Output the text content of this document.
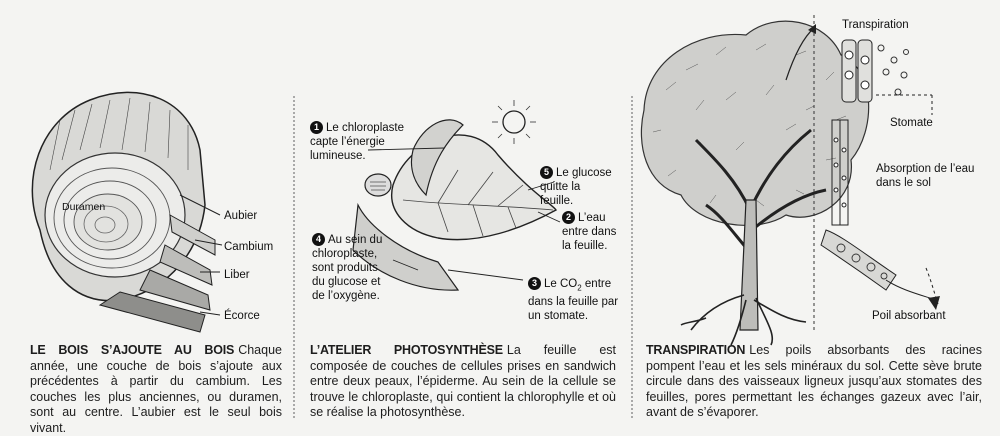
Duramen
Aubier
Cambium
Liber
Écorce
LE BOIS S’AJOUTE AU BOIS Chaque année, une couche de bois s’ajoute aux précédentes à partir du cambium. Les couches les plus anciennes, ou duramen, sont au centre. L’aubier est le seul bois vivant.
1 Le chloroplaste capte l’énergie lumineuse.
5 Le glucose quitte la feuille.
2 L’eau entre dans la feuille.
4 Au sein du chloroplaste, sont produits du glucose et de l’oxygène.
3 Le $CO_2$ entre dans la feuille par un stomate.
L’ATELIER PHOTOSYNTHÈSE La feuille est composée de couches de cellules prises en sandwich entre deux peaux, l’épiderme. Au sein de la cellule se trouve le chloroplaste, qui contient la chlorophylle et où se réalise la photosynthèse.
Transpiration
Stomate
Absorption de l’eau dans le sol
Poil absorbant
TRANSPIRATION Les poils absorbants des racines pompent l’eau et les sels minéraux du sol. Cette sève brute circule dans des vaisseaux ligneux jusqu’aux stomates des feuilles, pores permettant les échanges gazeux avec l’air, avant de s’évaporer.
